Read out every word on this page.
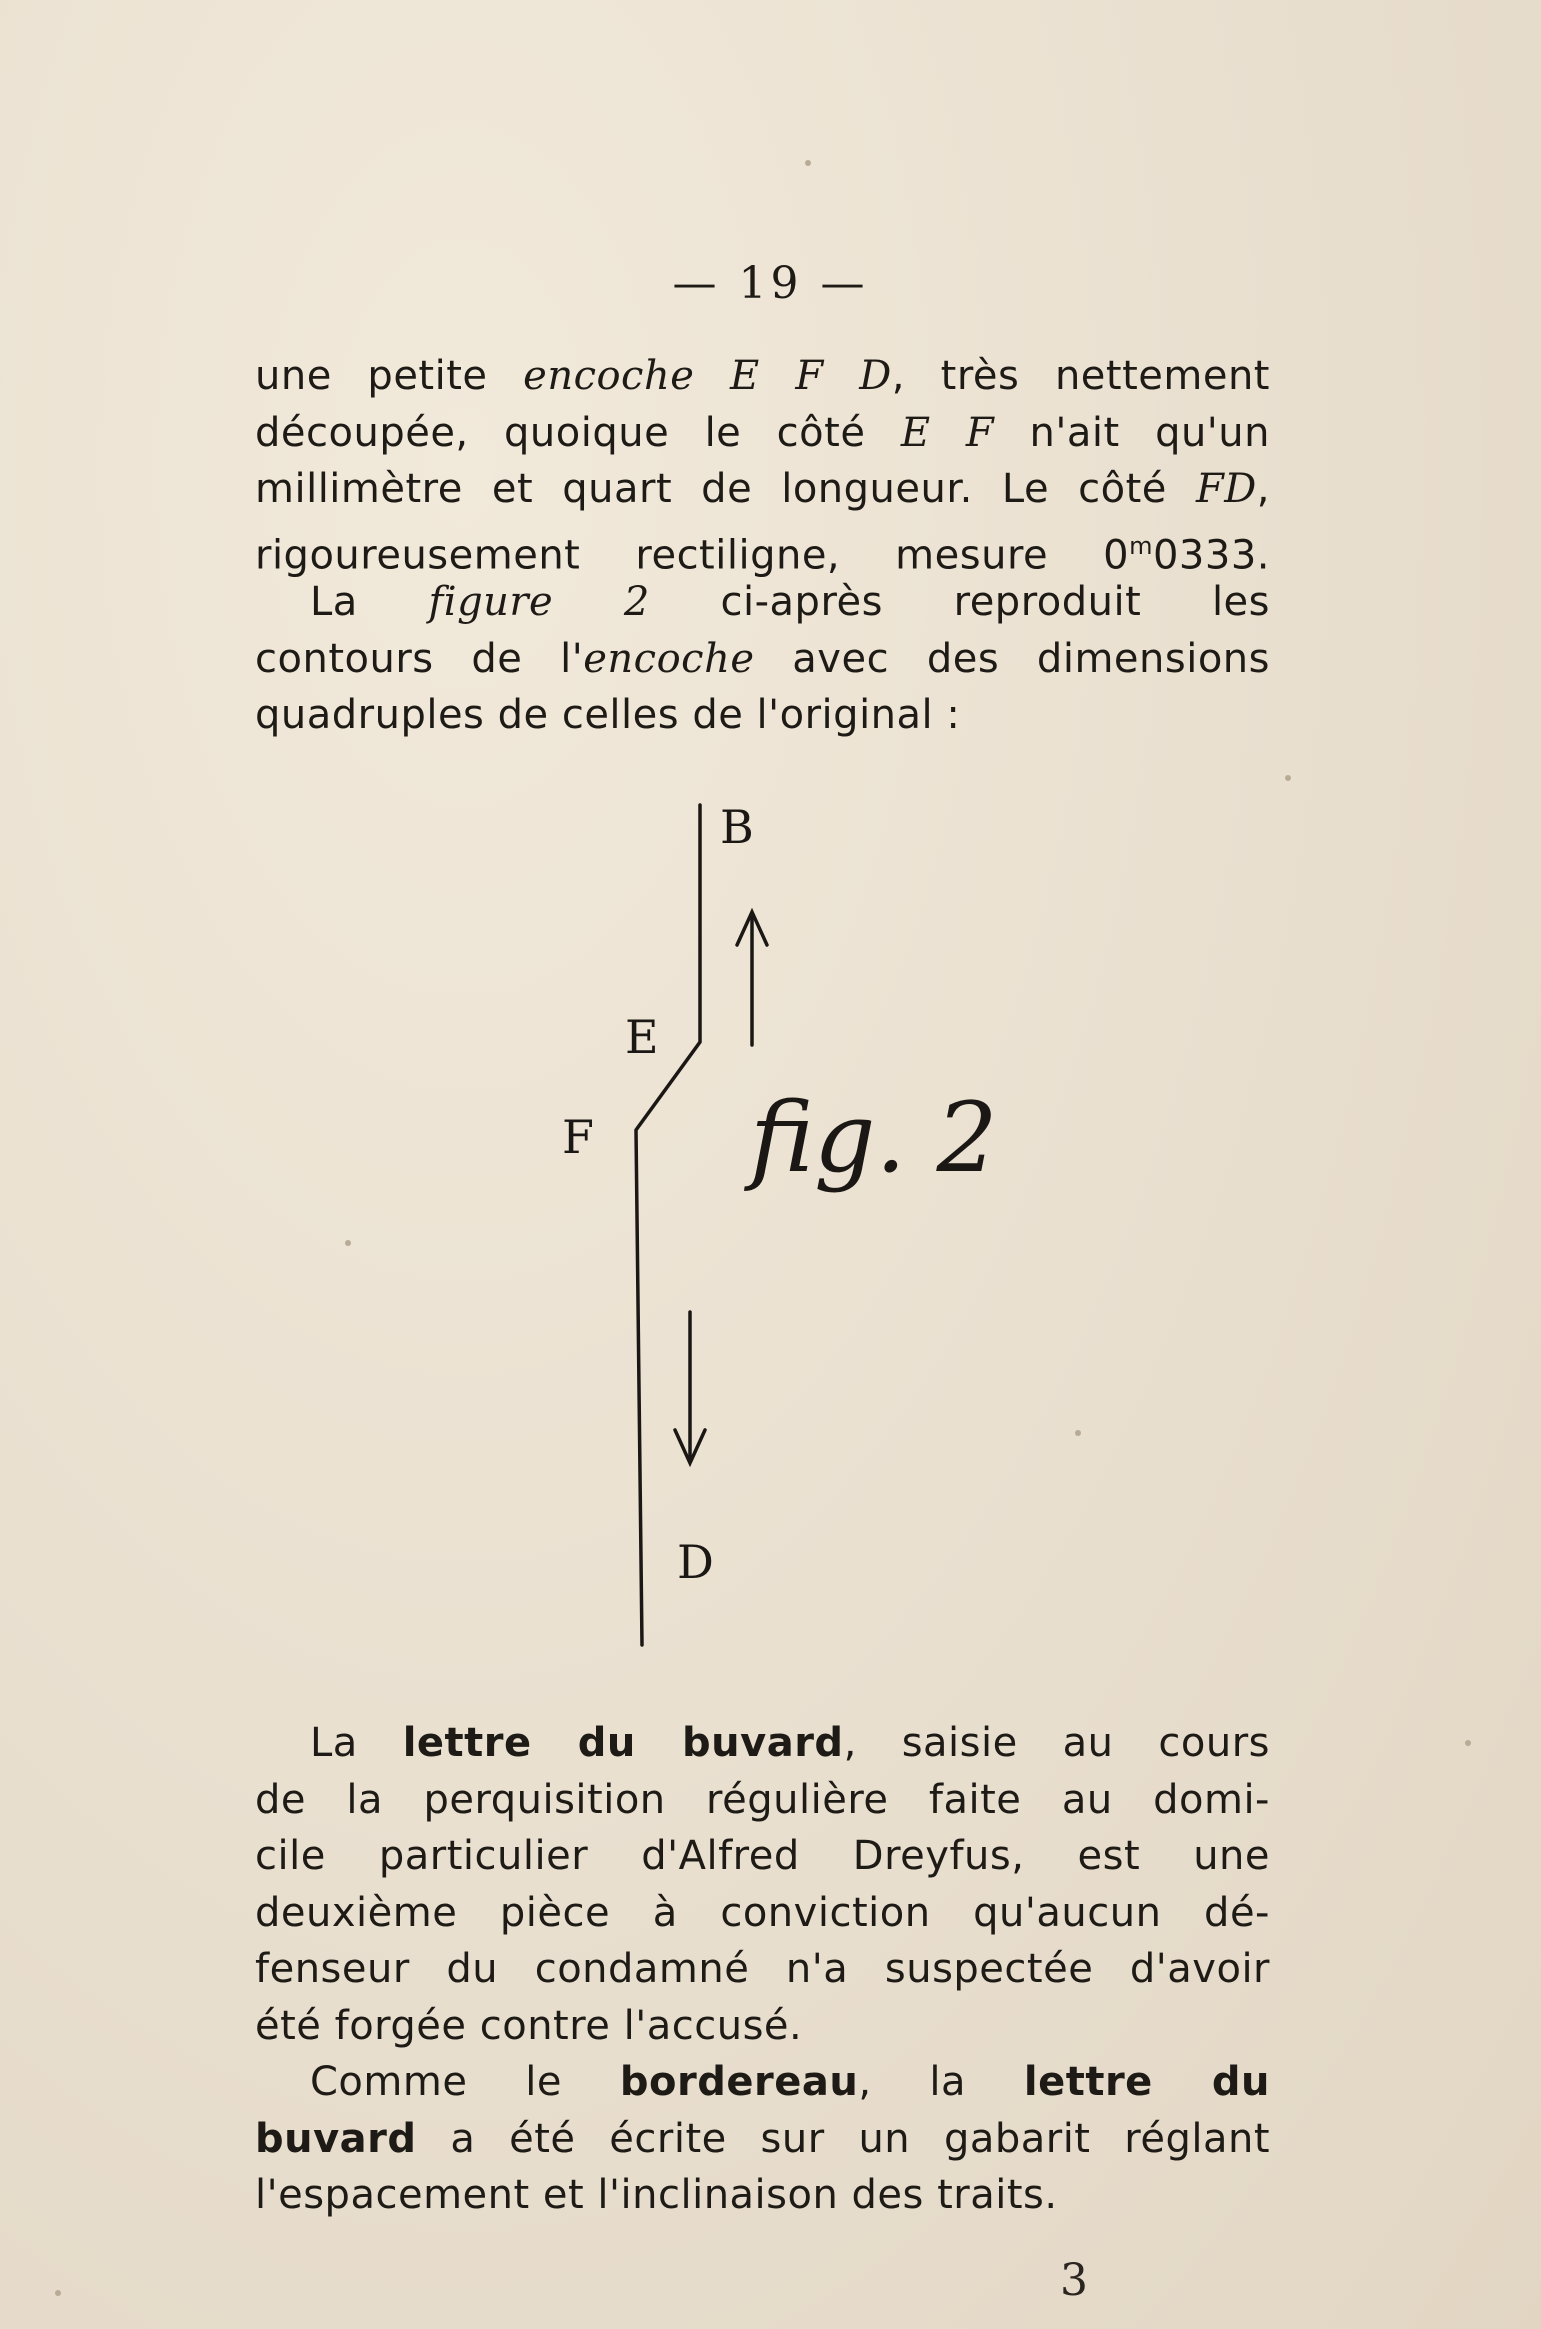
— 19 —
une petite encoche E F D, très nettement
découpée, quoique le côté E F n'ait qu'un
millimètre et quart de longueur. Le côté FD,
rigoureusement rectiligne, mesure 0$^m$0333.
La figure 2 ci-après reproduit les
contours de l'encoche avec des dimensions
quadruples de celles de l'original :
B
E
F
D
fig. 2
La lettre du buvard, saisie au cours
de la perquisition régulière faite au domi-
cile particulier d'Alfred Dreyfus, est une
deuxième pièce à conviction qu'aucun dé-
fenseur du condamné n'a suspectée d'avoir
été forgée contre l'accusé.
Comme le bordereau, la lettre du
buvard a été écrite sur un gabarit réglant
l'espacement et l'inclinaison des traits.
3
